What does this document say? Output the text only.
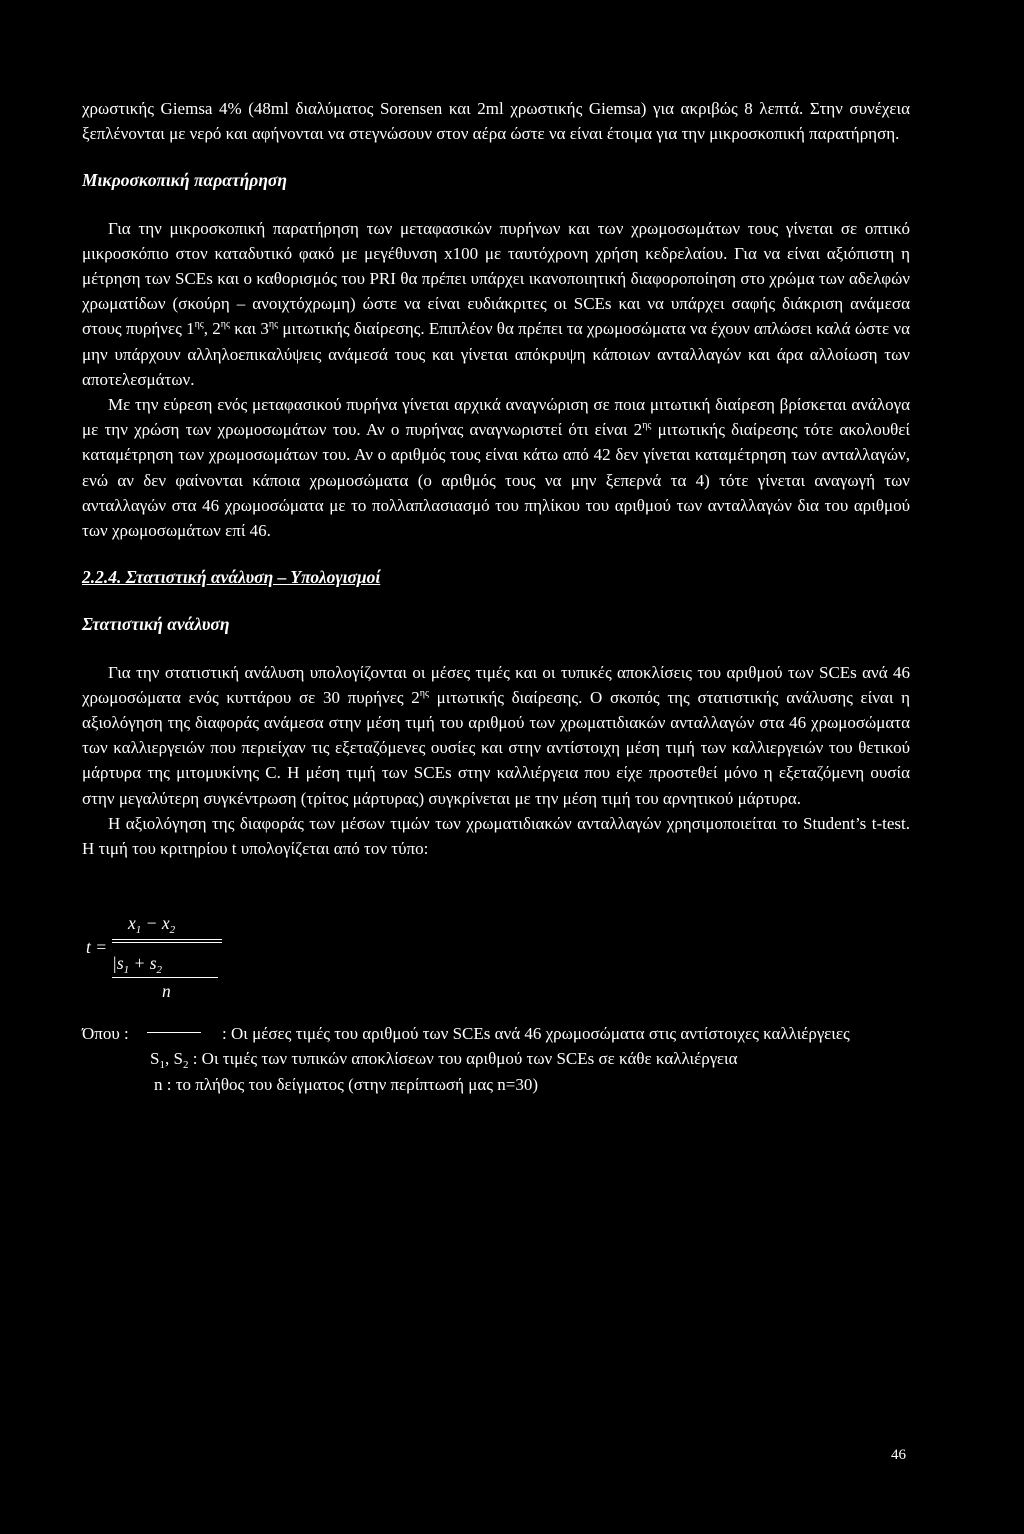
χρωστικής Giemsa 4% (48ml διαλύματος Sorensen και 2ml χρωστικής Giemsa) για ακριβώς 8 λεπτά. Στην συνέχεια ξεπλένονται με νερό και αφήνονται να στεγνώσουν στον αέρα ώστε να είναι έτοιμα για την μικροσκοπική παρατήρηση.

Μικροσκοπική παρατήρηση

Για την μικροσκοπική παρατήρηση των μεταφασικών πυρήνων και των χρωμοσωμάτων τους γίνεται σε οπτικό μικροσκόπιο στον καταδυτικό φακό με μεγέθυνση x100 με ταυτόχρονη χρήση κεδρελαίου. Για να είναι αξιόπιστη η μέτρηση των SCEs και ο καθορισμός του PRI θα πρέπει υπάρχει ικανοποιητική διαφοροποίηση στο χρώμα των αδελφών χρωματίδων (σκούρη – ανοιχτόχρωμη) ώστε να είναι ευδιάκριτες οι SCEs και να υπάρχει σαφής διάκριση ανάμεσα στους πυρήνες $1^{\eta\varsigma}$, $2^{\eta\varsigma}$ και $3^{\eta\varsigma}$ μιτωτικής διαίρεσης. Επιπλέον θα πρέπει τα χρωμοσώματα να έχουν απλώσει καλά ώστε να μην υπάρχουν αλληλοεπικαλύψεις ανάμεσά τους και γίνεται απόκρυψη κάποιων ανταλλαγών και άρα αλλοίωση των αποτελεσμάτων.

Με την εύρεση ενός μεταφασικού πυρήνα γίνεται αρχικά αναγνώριση σε ποια μιτωτική διαίρεση βρίσκεται ανάλογα με την χρώση των χρωμοσωμάτων του. Αν ο πυρήνας αναγνωριστεί ότι είναι $2^{\eta\varsigma}$ μιτωτικής διαίρεσης τότε ακολουθεί καταμέτρηση των χρωμοσωμάτων του. Αν ο αριθμός τους είναι κάτω από 42 δεν γίνεται καταμέτρηση των ανταλλαγών, ενώ αν δεν φαίνονται κάποια χρωμοσώματα (ο αριθμός τους να μην ξεπερνά τα 4) τότε γίνεται αναγωγή των ανταλλαγών στα 46 χρωμοσώματα με το πολλαπλασιασμό του πηλίκου του αριθμού των ανταλλαγών δια του αριθμού των χρωμοσωμάτων επί 46.

2.2.4. Στατιστική ανάλυση – Υπολογισμοί

Στατιστική ανάλυση

Για την στατιστική ανάλυση υπολογίζονται οι μέσες τιμές και οι τυπικές αποκλίσεις του αριθμού των SCEs ανά 46 χρωμοσώματα ενός κυττάρου σε 30 πυρήνες $2^{\eta\varsigma}$ μιτωτικής διαίρεσης. Ο σκοπός της στατιστικής ανάλυσης είναι η αξιολόγηση της διαφοράς ανάμεσα στην μέση τιμή του αριθμού των χρωματιδιακών ανταλλαγών στα 46 χρωμοσώματα των καλλιεργειών που περιείχαν τις εξεταζόμενες ουσίες και στην αντίστοιχη μέση τιμή των καλλιεργειών του θετικού μάρτυρα της μιτομυκίνης C. Η μέση τιμή των SCEs στην καλλιέργεια που είχε προστεθεί μόνο η εξεταζόμενη ουσία στην μεγαλύτερη συγκέντρωση (τρίτος μάρτυρας) συγκρίνεται με την μέση τιμή του αρνητικού μάρτυρα.

Η αξιολόγηση της διαφοράς των μέσων τιμών των χρωματιδιακών ανταλλαγών χρησιμοποιείται το Student’s t-test. Η τιμή του κριτηρίου t υπολογίζεται από τον τύπο:

t =
$x_1 - x_2$
$|s_1 + s_2$
n
Όπου :	: Οι μέσες τιμές του αριθμού των SCEs ανά 46 χρωμοσώματα στις αντίστοιχες καλλιέργειες
$S_1$, $S_2$ : Οι τιμές των τυπικών αποκλίσεων του αριθμού των SCEs σε κάθε καλλιέργεια
n : το πλήθος του δείγματος (στην περίπτωσή μας n=30)
46
